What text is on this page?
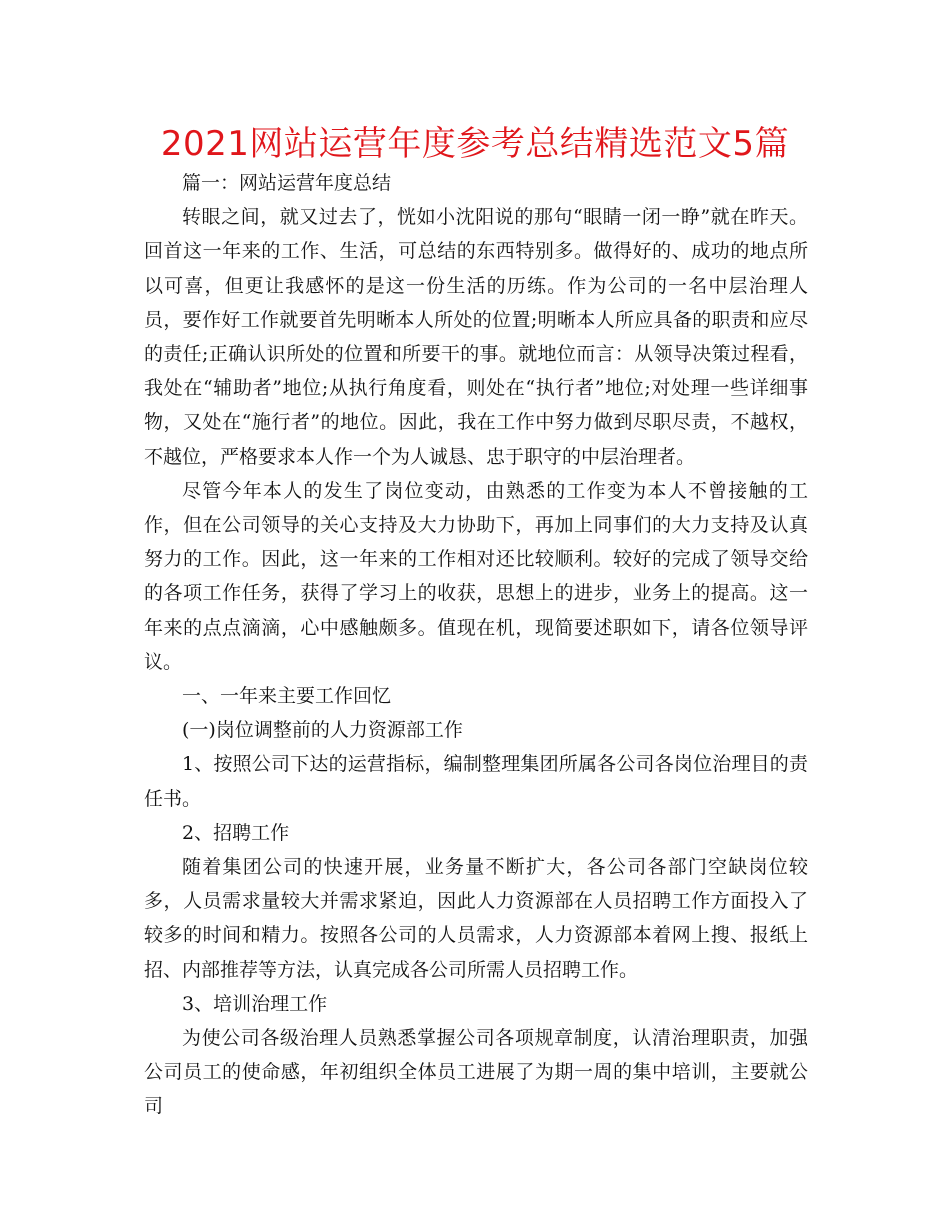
2021网站运营年度参考总结精选范文5篇

篇一：网站运营年度总结

转眼之间，就又过去了，恍如小沈阳说的那句“眼睛一闭一睁”就在昨天。回首这一年来的工作、生活，可总结的东西特别多。做得好的、成功的地点所以可喜，但更让我感怀的是这一份生活的历练。作为公司的一名中层治理人员，要作好工作就要首先明晰本人所处的位置;明晰本人所应具备的职责和应尽的责任;正确认识所处的位置和所要干的事。就地位而言：从领导决策过程看，我处在“辅助者”地位;从执行角度看，则处在“执行者”地位;对处理一些详细事物，又处在“施行者”的地位。因此，我在工作中努力做到尽职尽责，不越权，不越位，严格要求本人作一个为人诚恳、忠于职守的中层治理者。

尽管今年本人的发生了岗位变动，由熟悉的工作变为本人不曾接触的工作，但在公司领导的关心支持及大力协助下，再加上同事们的大力支持及认真努力的工作。因此，这一年来的工作相对还比较顺利。较好的完成了领导交给的各项工作任务，获得了学习上的收获，思想上的进步，业务上的提高。这一年来的点点滴滴，心中感触颇多。值现在机，现简要述职如下，请各位领导评议。

一、一年来主要工作回忆

(一)岗位调整前的人力资源部工作

1、按照公司下达的运营指标，编制整理集团所属各公司各岗位治理目的责任书。

2、招聘工作

随着集团公司的快速开展，业务量不断扩大，各公司各部门空缺岗位较多，人员需求量较大并需求紧迫，因此人力资源部在人员招聘工作方面投入了较多的时间和精力。按照各公司的人员需求，人力资源部本着网上搜、报纸上招、内部推荐等方法，认真完成各公司所需人员招聘工作。

3、培训治理工作

为使公司各级治理人员熟悉掌握公司各项规章制度，认清治理职责，加强公司员工的使命感，年初组织全体员工进展了为期一周的集中培训，主要就公司
